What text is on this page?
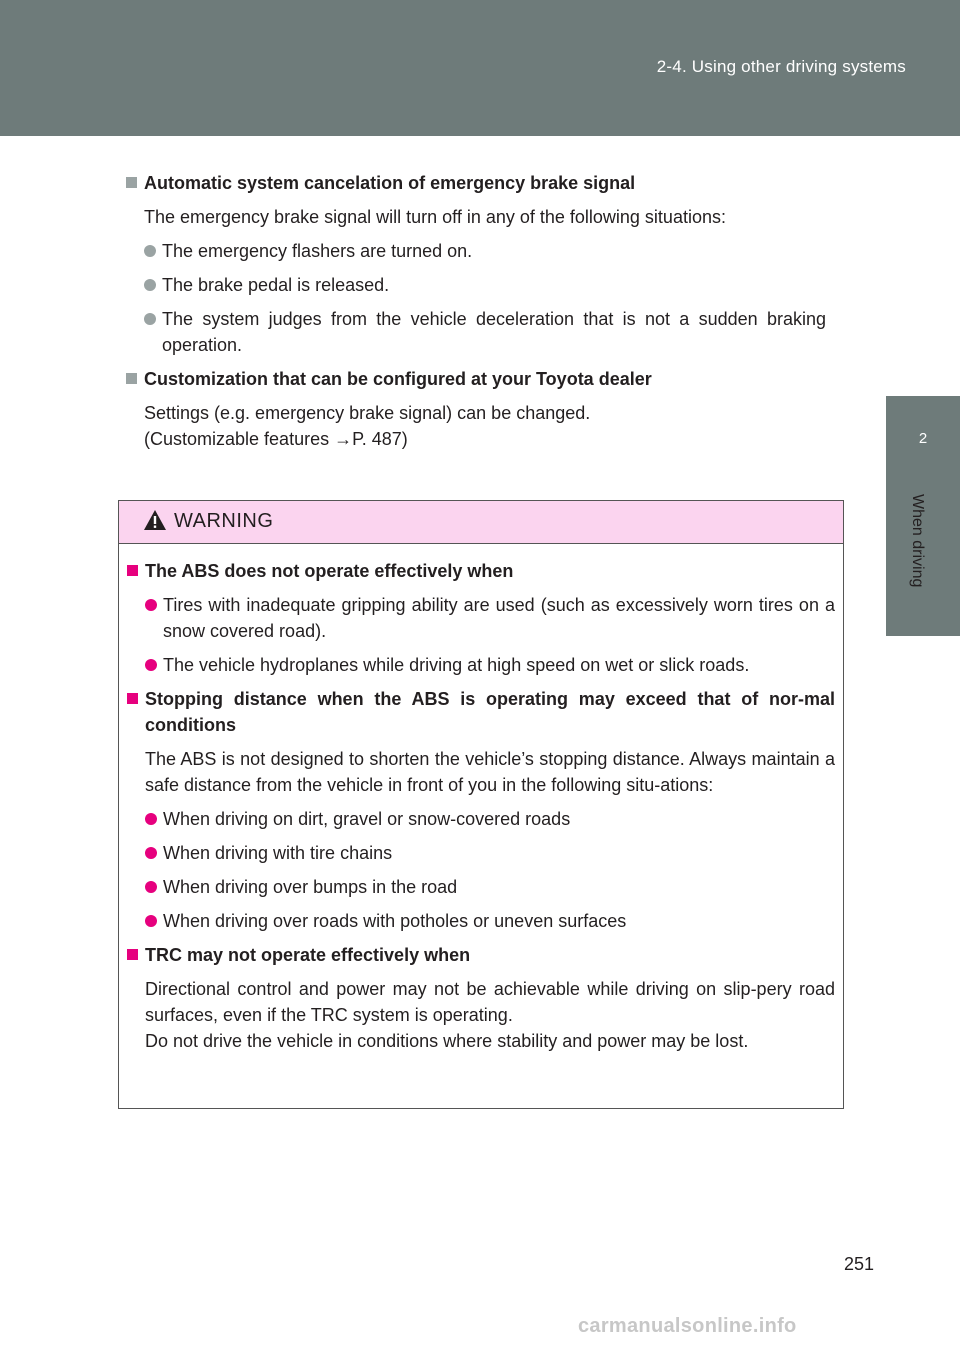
2-4. Using other driving systems
2
When driving
Automatic system cancelation of emergency brake signal
The emergency brake signal will turn off in any of the following situations:
The emergency flashers are turned on.
The brake pedal is released.
The system judges from the vehicle deceleration that is not a sudden braking operation.
Customization that can be configured at your Toyota dealer
Settings (e.g. emergency brake signal) can be changed.
(Customizable features →P. 487)
WARNING
The ABS does not operate effectively when
Tires with inadequate gripping ability are used (such as excessively worn tires on a snow covered road).
The vehicle hydroplanes while driving at high speed on wet or slick roads.
Stopping distance when the ABS is operating may exceed that of nor-mal conditions
The ABS is not designed to shorten the vehicle’s stopping distance. Always maintain a safe distance from the vehicle in front of you in the following situ-ations:
When driving on dirt, gravel or snow-covered roads
When driving with tire chains
When driving over bumps in the road
When driving over roads with potholes or uneven surfaces
TRC may not operate effectively when
Directional control and power may not be achievable while driving on slip-pery road surfaces, even if the TRC system is operating.
Do not drive the vehicle in conditions where stability and power may be lost.
251
carmanualsonline.info
